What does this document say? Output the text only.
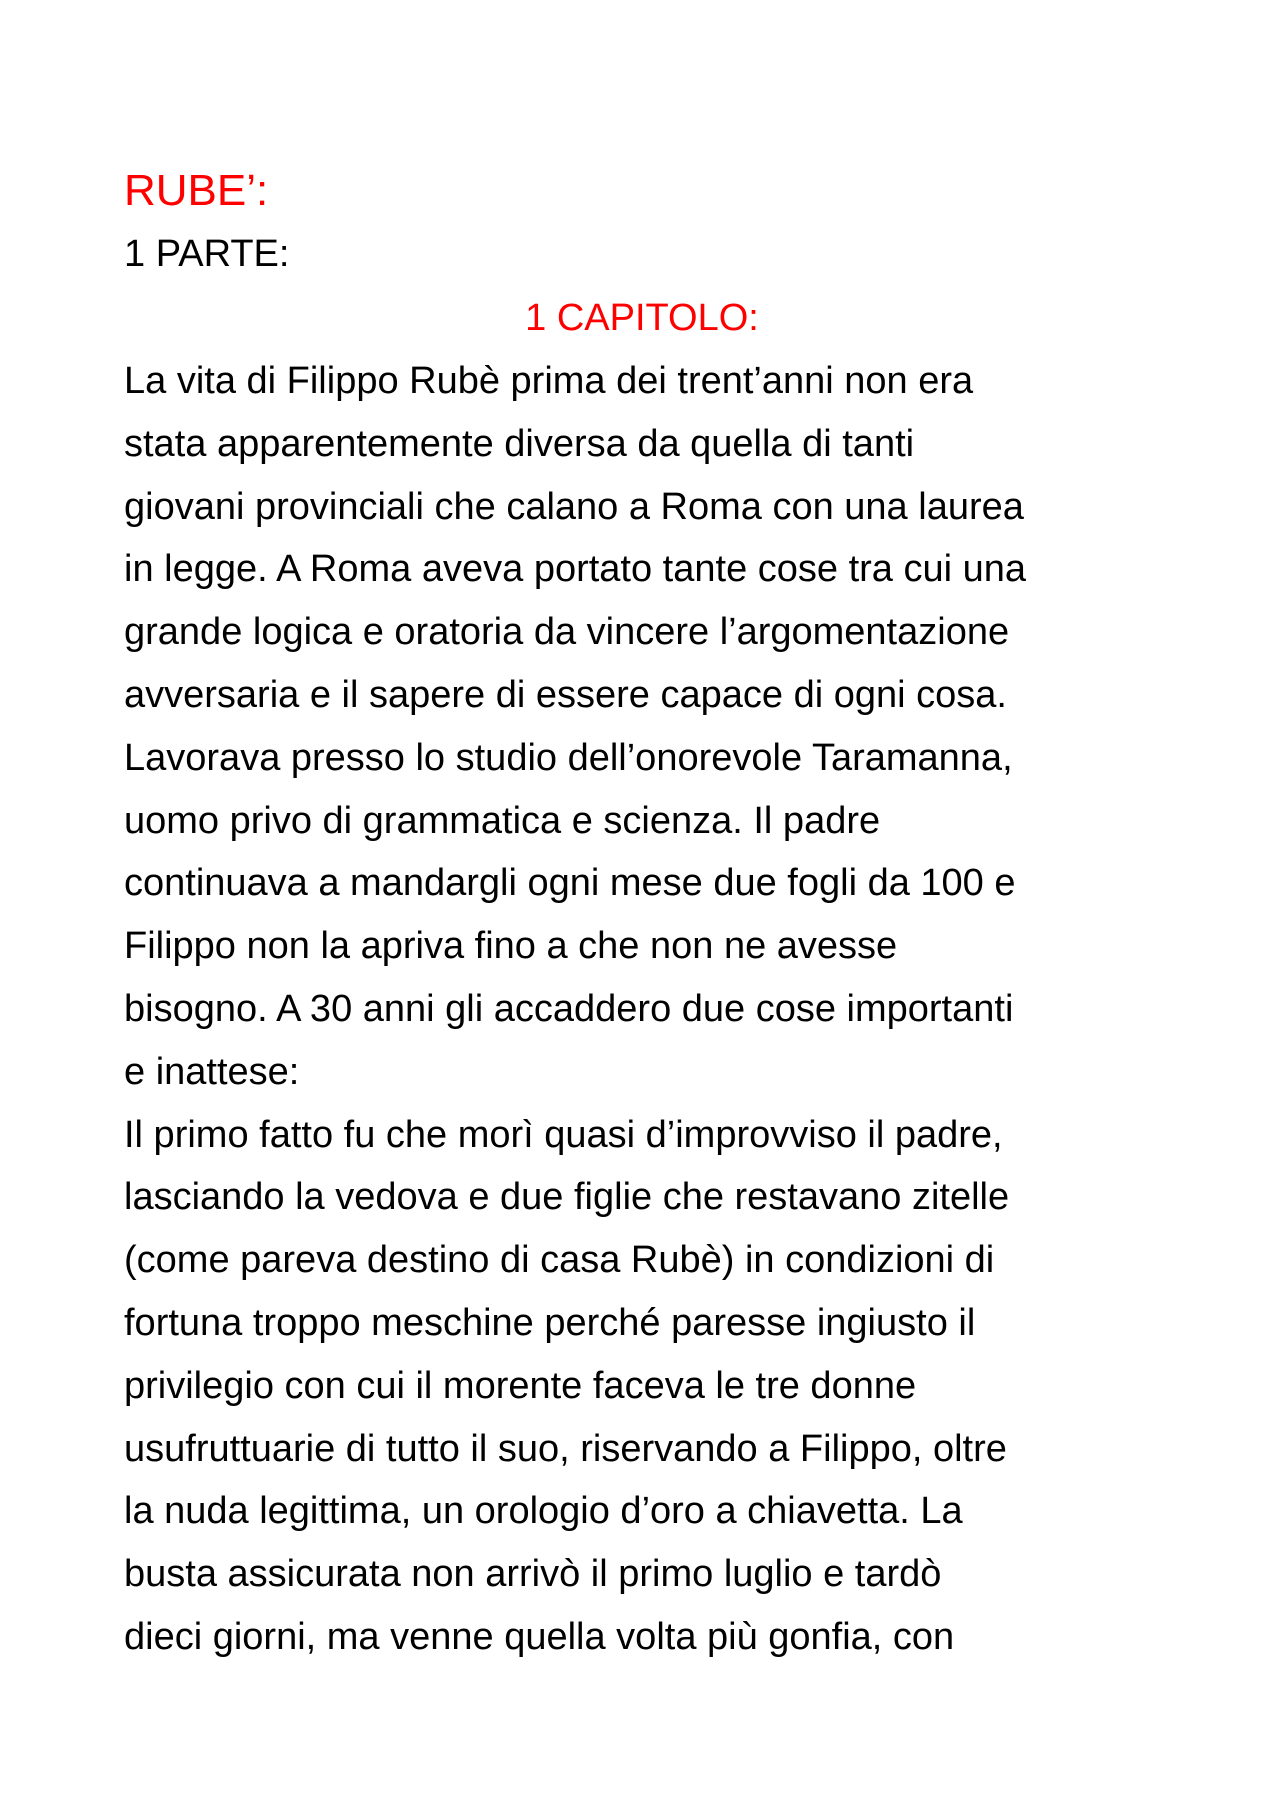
RUBE’:
1 PARTE:
1 CAPITOLO:
La vita di Filippo Rubè prima dei trent’anni non era
stata apparentemente diversa da quella di tanti
giovani provinciali che calano a Roma con una laurea
in legge. A Roma aveva portato tante cose tra cui una
grande logica e oratoria da vincere l’argomentazione
avversaria e il sapere di essere capace di ogni cosa.
Lavorava presso lo studio dell’onorevole Taramanna,
uomo privo di grammatica e scienza. Il padre
continuava a mandargli ogni mese due fogli da 100 e
Filippo non la apriva fino a che non ne avesse
bisogno. A 30 anni gli accaddero due cose importanti
e inattese:
Il primo fatto fu che morì quasi d’improvviso il padre,
lasciando la vedova e due figlie che restavano zitelle
(come pareva destino di casa Rubè) in condizioni di
fortuna troppo meschine perché paresse ingiusto il
privilegio con cui il morente faceva le tre donne
usufruttuarie di tutto il suo, riservando a Filippo, oltre
la nuda legittima, un orologio d’oro a chiavetta. La
busta assicurata non arrivò il primo luglio e tardò
dieci giorni, ma venne quella volta più gonfia, con
